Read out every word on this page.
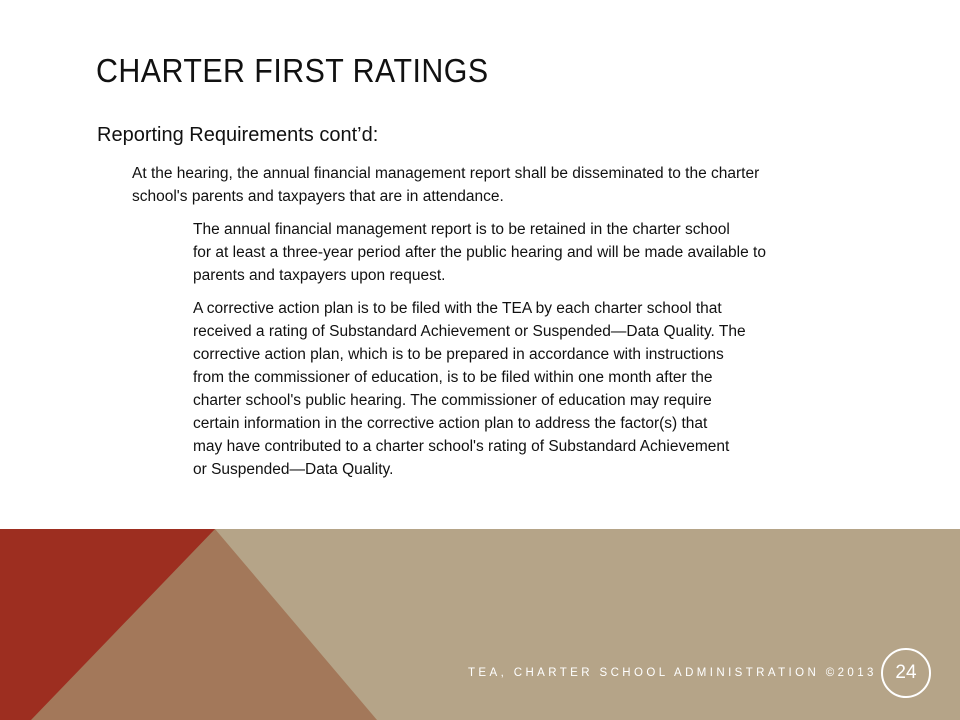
CHARTER FIRST RATINGS

Reporting Requirements cont’d:

At the hearing, the annual financial management report shall be disseminated to the charter
school's parents and taxpayers that are in attendance.

The annual financial management report is to be retained in the charter school
for at least a three-year period after the public hearing and will be made available to
parents and taxpayers upon request.

A corrective action plan is to be filed with the TEA by each charter school that
received a rating of Substandard Achievement or Suspended—Data Quality. The
corrective action plan, which is to be prepared in accordance with instructions
from the commissioner of education, is to be filed within one month after the
charter school's public hearing. The commissioner of education may require
certain information in the corrective action plan to address the factor(s) that
may have contributed to a charter school's rating of Substandard Achievement
or Suspended—Data Quality.

TEA, CHARTER SCHOOL ADMINISTRATION ©2013 24
